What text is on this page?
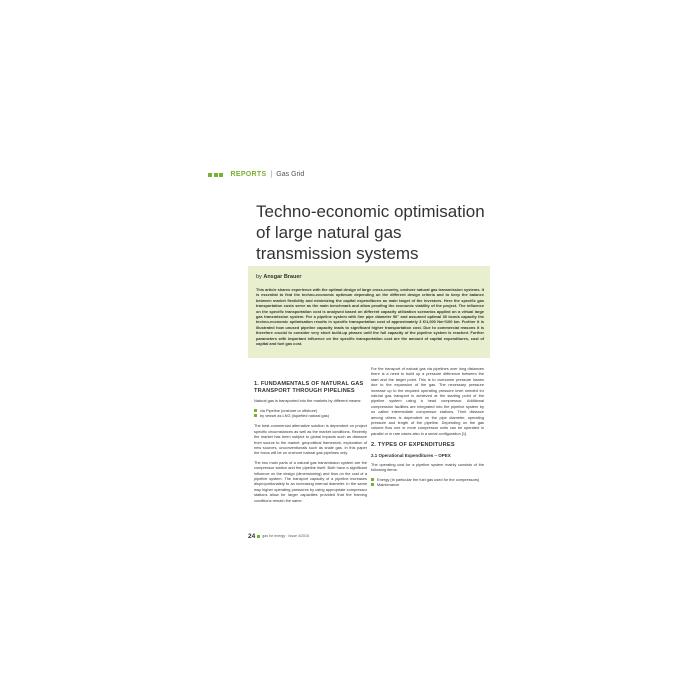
REPORTS | Gas Grid
Techno-economic optimisation of large natural gas transmission systems

by Ansgar Brauer

This article shares experience with the optimal design of large cross-country, onshore natural gas transmission systems. It is essential to find the techno-economic optimum depending on the different design criteria and to keep the balance between market flexibility and minimizing the capital expenditures as main target of the investors. Here the specific gas transportation costs serve as the main benchmark and allow proofing the economic viability of the project. The influence on the specific transportation cost is analysed based on different capacity utilization scenarios applied on a virtual large gas transmission system. For a pipeline system with line pipe diameter 56" and assumed optimal 30 bcm/a capacity the techno-economic optimisation results in specific transportation cost of approximately 3 €/1,000 Nm³/100 km. Further it is illustrated how unused pipeline capacity leads to significant higher transportation cost. Due to commercial reasons it is therefore crucial to consider very short build-up phases until the full capacity of the pipeline system is reached. Further parameters with important influence on the specific transportation cost are the amount of capital expenditures, cost of capital and fuel gas cost.

1. FUNDAMENTALS OF NATURAL GAS TRANSPORT THROUGH PIPELINES

Natural gas is transported into the markets by different means:

via Pipeline (onshore or offshore)
by vessel as LNG (liquefied natural gas)

The best commercial alternative solution is dependent on project specific circumstances as well as the market conditions. Recently the market has been subject to global impacts such as distance from source to the market, geopolitical framework, exploration of new sources, unconventionals such as shale gas. In this paper the focus will be on onshore natural gas pipelines only.

The two main parts of a natural gas transmission system are the compressor station and the pipeline itself. Both have a significant influence on the design (dimensioning) and thus on the cost of a pipeline system. The transport capacity of a pipeline increases disproportionately to an increasing internal diameter. In the same way higher operating pressures by using appropriate compressor stations allow for larger capacities provided that the framing conditions remain the same.

For the transport of natural gas via pipelines over long distances there is a need to build up a pressure difference between the start and the target point. This is to overcome pressure losses due to the expansion of the gas. The necessary pressure increase up to the required operating pressure level needed for natural gas transport is achieved at the starting point of the pipeline system using a head compressor. Additional compression facilities are integrated into the pipeline system by so called intermediate compressor stations. Their distance among others is dependent on the pipe diameter, operating pressure and length of the pipeline. Depending on the gas volume flow one or more compressor units can be operated in parallel or in rare cases also in a serial configuration [1].

2. TYPES OF EXPENDITURES
2.1 Operational Expenditures – OPEX

The operating cost for a pipeline system mainly consists of the following items:

Energy (in particular the fuel gas used for the compressors)
Maintenance
24 gas for energy · Issue 4/2015
